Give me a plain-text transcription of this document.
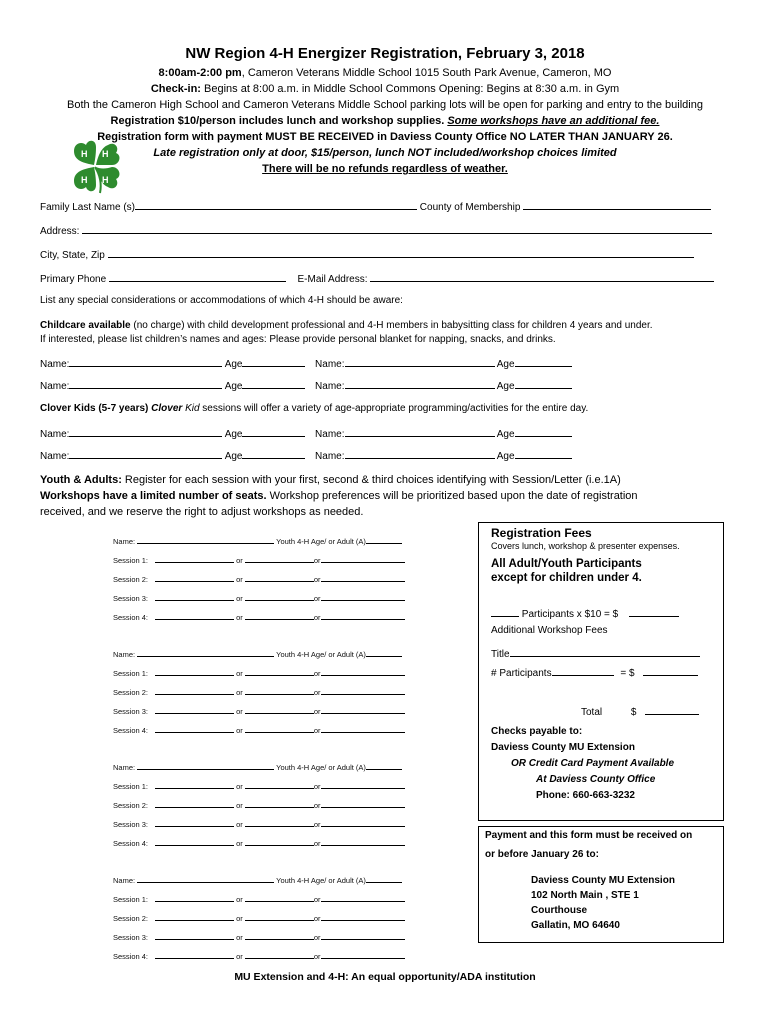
NW Region 4-H Energizer Registration, February 3, 2018
8:00am-2:00 pm, Cameron Veterans Middle School 1015 South Park Avenue, Cameron, MO
Check-in: Begins at 8:00 a.m. in Middle School Commons Opening: Begins at 8:30 a.m. in Gym
Both the Cameron High School and Cameron Veterans Middle School parking lots will be open for parking and entry to the building
Registration $10/person includes lunch and workshop supplies. Some workshops have an additional fee.
Registration form with payment MUST BE RECEIVED in Daviess County Office NO LATER THAN JANUARY 26.
Late registration only at door, $15/person, lunch NOT included/workshop choices limited
There will be no refunds regardless of weather.
H H
H H
Family Last Name (s)	County of Membership
Address:
City, State, Zip
Primary Phone	E-Mail Address:
List any special considerations or accommodations of which 4-H should be aware:
Childcare available (no charge) with child development professional and 4-H members in babysitting class for children 4 years and under.
If interested, please list children’s names and ages: Please provide personal blanket for napping, snacks, and drinks.
Name:	Age	Name:	Age
Name:	Age	Name:	Age
Clover Kids (5-7 years) Clover Kid sessions will offer a variety of age-appropriate programming/activities for the entire day.
Name:	Age	Name:	Age
Name:	Age	Name:	Age
Youth & Adults: Register for each session with your first, second & third choices identifying with Session/Letter (i.e.1A)
Workshops have a limited number of seats. Workshop preferences will be prioritized based upon the date of registration
received, and we reserve the right to adjust workshops as needed.
Name:	Youth 4-H Age/ or Adult (A)
Session 1:	or	or
Session 2:	or	or
Session 3:	or	or
Session 4:	or	or
Name:	Youth 4-H Age/ or Adult (A)
Session 1:	or	or
Session 2:	or	or
Session 3:	or	or
Session 4:	or	or
Name:	Youth 4-H Age/ or Adult (A)
Session 1:	or	or
Session 2:	or	or
Session 3:	or	or
Session 4:	or	or
Name:	Youth 4-H Age/ or Adult (A)
Session 1:	or	or
Session 2:	or	or
Session 3:	or	or
Session 4:	or	or
Registration Fees
Covers lunch, workshop & presenter expenses.
All Adult/Youth Participants
except for children under 4.
Participants x $10 = $
Additional Workshop Fees
Title
# Participants	= $
Total	$
Checks payable to:
Daviess County MU Extension
OR Credit Card Payment Available
At Daviess County Office
Phone: 660-663-3232
Payment and this form must be received on
or before January 26 to:
Daviess County MU Extension
102 North Main , STE 1
Courthouse
Gallatin, MO 64640
MU Extension and 4-H: An equal opportunity/ADA institution
